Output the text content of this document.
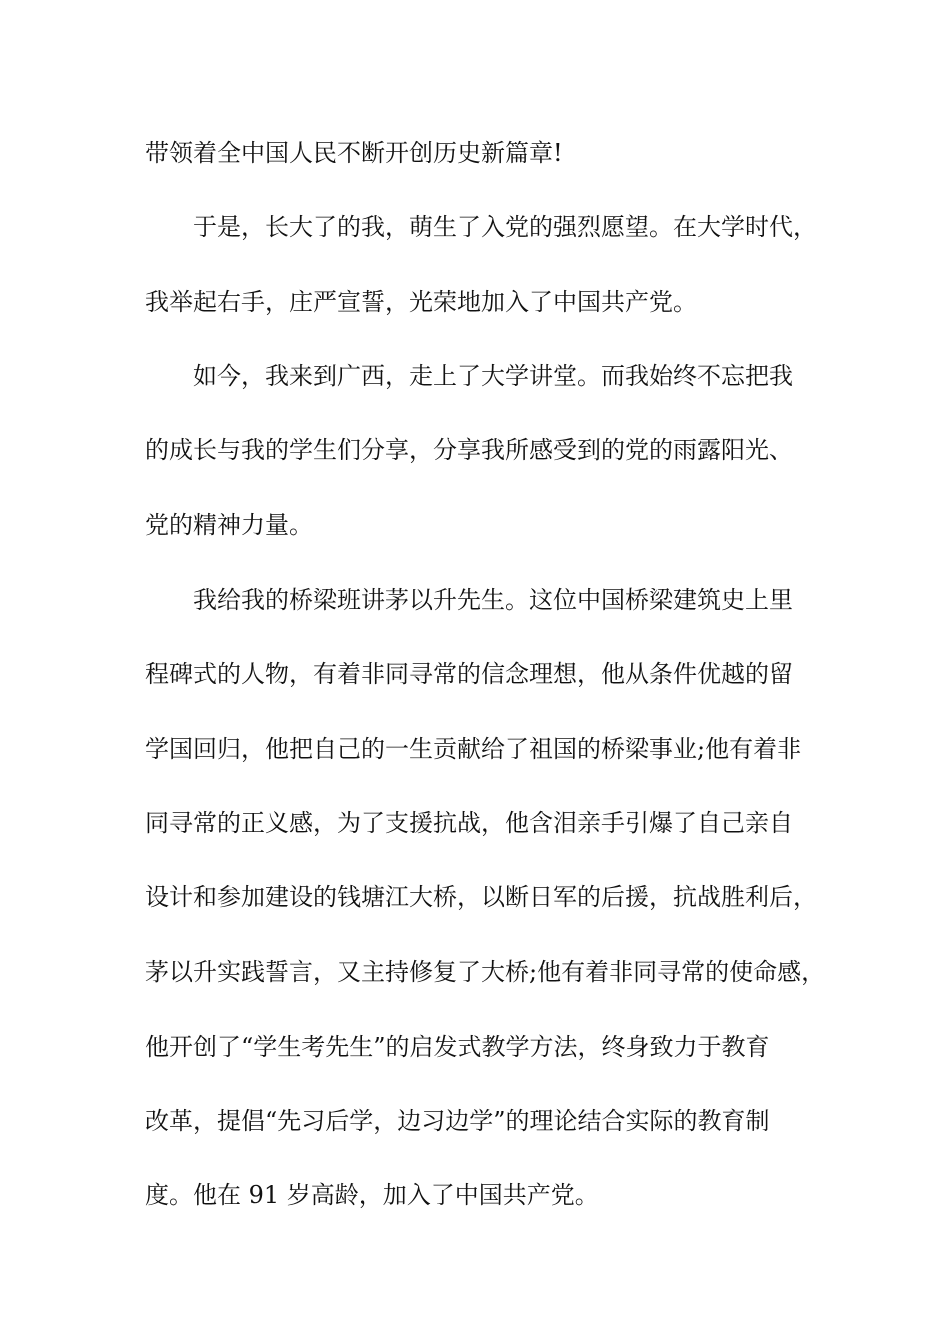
带领着全中国人民不断开创历史新篇章!
于是，长大了的我，萌生了入党的强烈愿望。在大学时代，
我举起右手，庄严宣誓，光荣地加入了中国共产党。
如今，我来到广西，走上了大学讲堂。而我始终不忘把我
的成长与我的学生们分享，分享我所感受到的党的雨露阳光、
党的精神力量。
我给我的桥梁班讲茅以升先生。这位中国桥梁建筑史上里
程碑式的人物，有着非同寻常的信念理想，他从条件优越的留
学国回归，他把自己的一生贡献给了祖国的桥梁事业;他有着非
同寻常的正义感，为了支援抗战，他含泪亲手引爆了自己亲自
设计和参加建设的钱塘江大桥，以断日军的后援，抗战胜利后，
茅以升实践誓言，又主持修复了大桥;他有着非同寻常的使命感，
他开创了“学生考先生”的启发式教学方法，终身致力于教育
改革，提倡“先习后学，边习边学”的理论结合实际的教育制
度。他在 91 岁高龄，加入了中国共产党。
